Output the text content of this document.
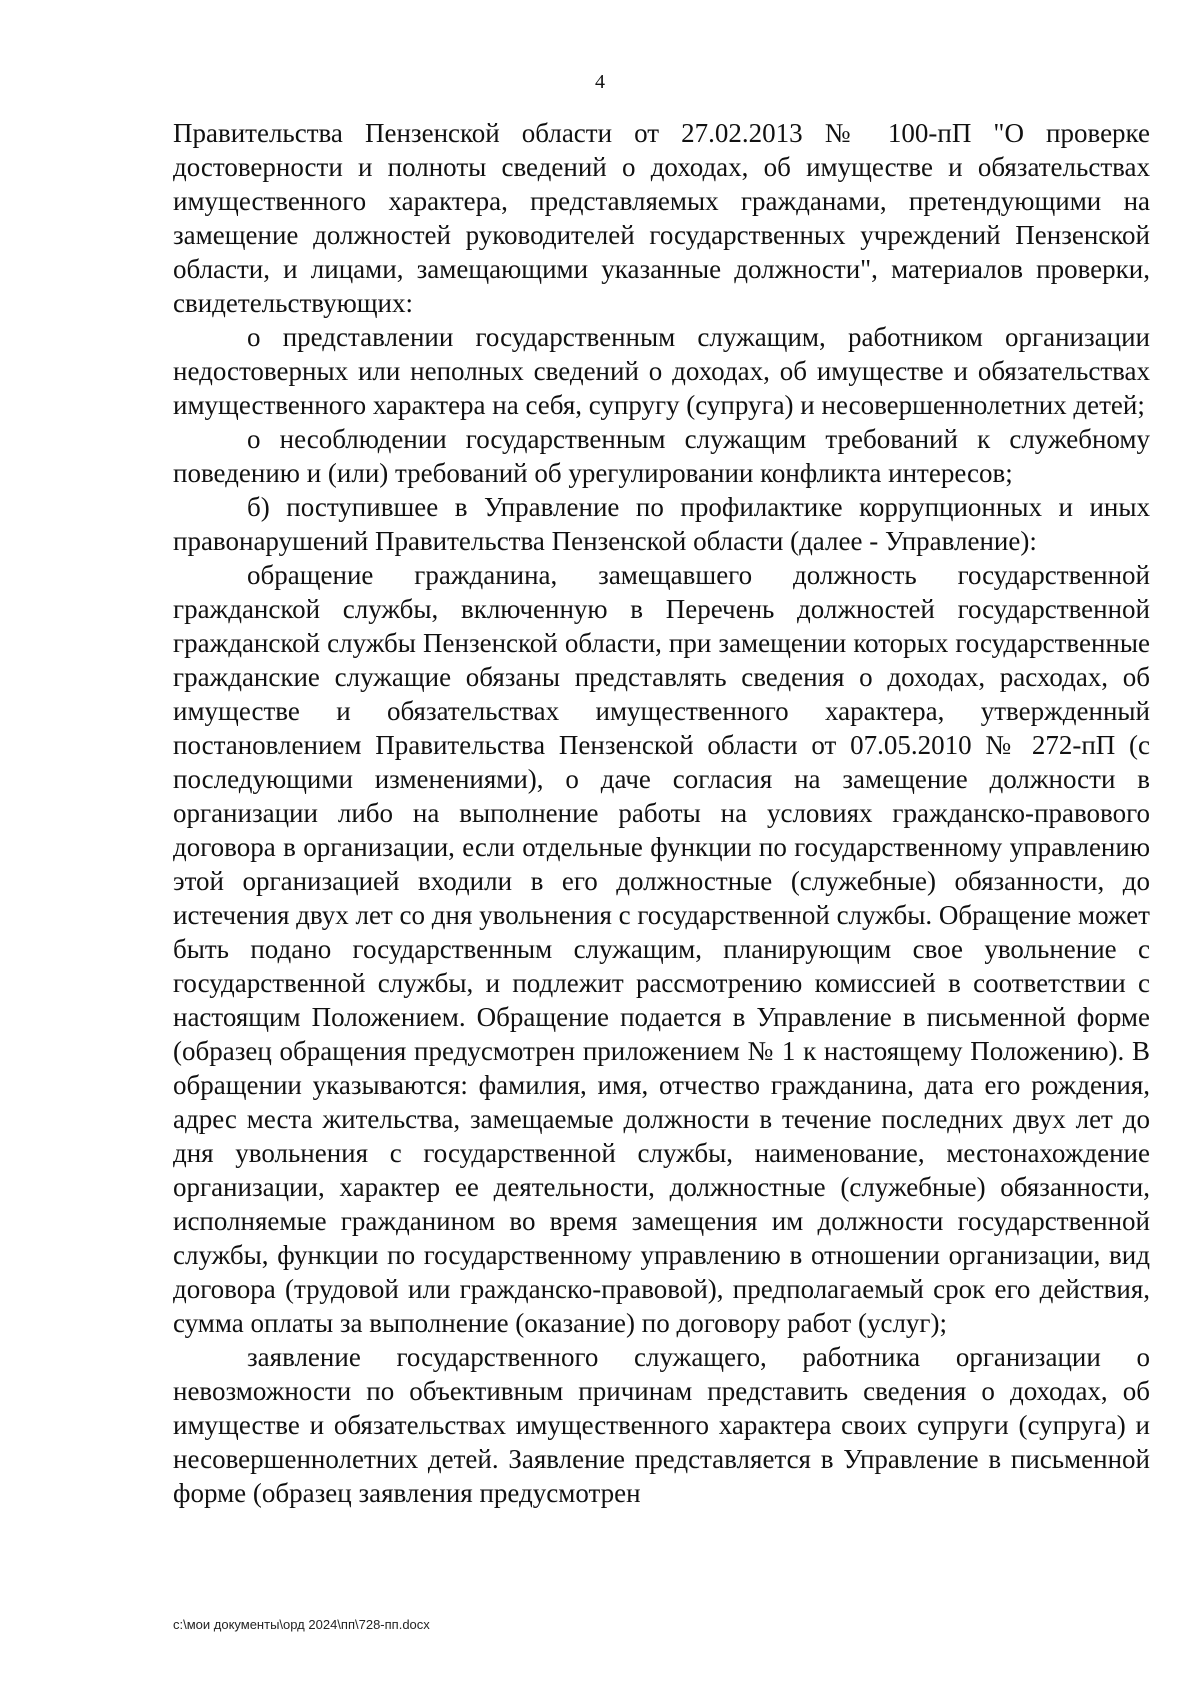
4

Правительства Пензенской области от 27.02.2013 № 100-пП "О проверке достоверности и полноты сведений о доходах, об имуществе и обязательствах имущественного характера, представляемых гражданами, претендующими на замещение должностей руководителей государственных учреждений Пензенской области, и лицами, замещающими указанные должности", материалов проверки, свидетельствующих:

о представлении государственным служащим, работником организации недостоверных или неполных сведений о доходах, об имуществе и обязательствах имущественного характера на себя, супругу (супруга) и несовершеннолетних детей;

о несоблюдении государственным служащим требований к служебному поведению и (или) требований об урегулировании конфликта интересов;

б) поступившее в Управление по профилактике коррупционных и иных правонарушений Правительства Пензенской области (далее - Управление):

обращение гражданина, замещавшего должность государственной гражданской службы, включенную в Перечень должностей государственной гражданской службы Пензенской области, при замещении которых государственные гражданские служащие обязаны представлять сведения о доходах, расходах, об имуществе и обязательствах имущественного характера, утвержденный постановлением Правительства Пензенской области от 07.05.2010 № 272-пП (с последующими изменениями), о даче согласия на замещение должности в организации либо на выполнение работы на условиях гражданско-правового договора в организации, если отдельные функции по государственному управлению этой организацией входили в его должностные (служебные) обязанности, до истечения двух лет со дня увольнения с государственной службы. Обращение может быть подано государственным служащим, планирующим свое увольнение с государственной службы, и подлежит рассмотрению комиссией в соответствии с настоящим Положением. Обращение подается в Управление в письменной форме (образец обращения предусмотрен приложением № 1 к настоящему Положению). В обращении указываются: фамилия, имя, отчество гражданина, дата его рождения, адрес места жительства, замещаемые должности в течение последних двух лет до дня увольнения с государственной службы, наименование, местонахождение организации, характер ее деятельности, должностные (служебные) обязанности, исполняемые гражданином во время замещения им должности государственной службы, функции по государственному управлению в отношении организации, вид договора (трудовой или гражданско-правовой), предполагаемый срок его действия, сумма оплаты за выполнение (оказание) по договору работ (услуг);

заявление государственного служащего, работника организации о невозможности по объективным причинам представить сведения о доходах, об имуществе и обязательствах имущественного характера своих супруги (супруга) и несовершеннолетних детей. Заявление представляется в Управление в письменной форме (образец заявления предусмотрен

c:\мои документы\орд 2024\пп\728-пп.docx
